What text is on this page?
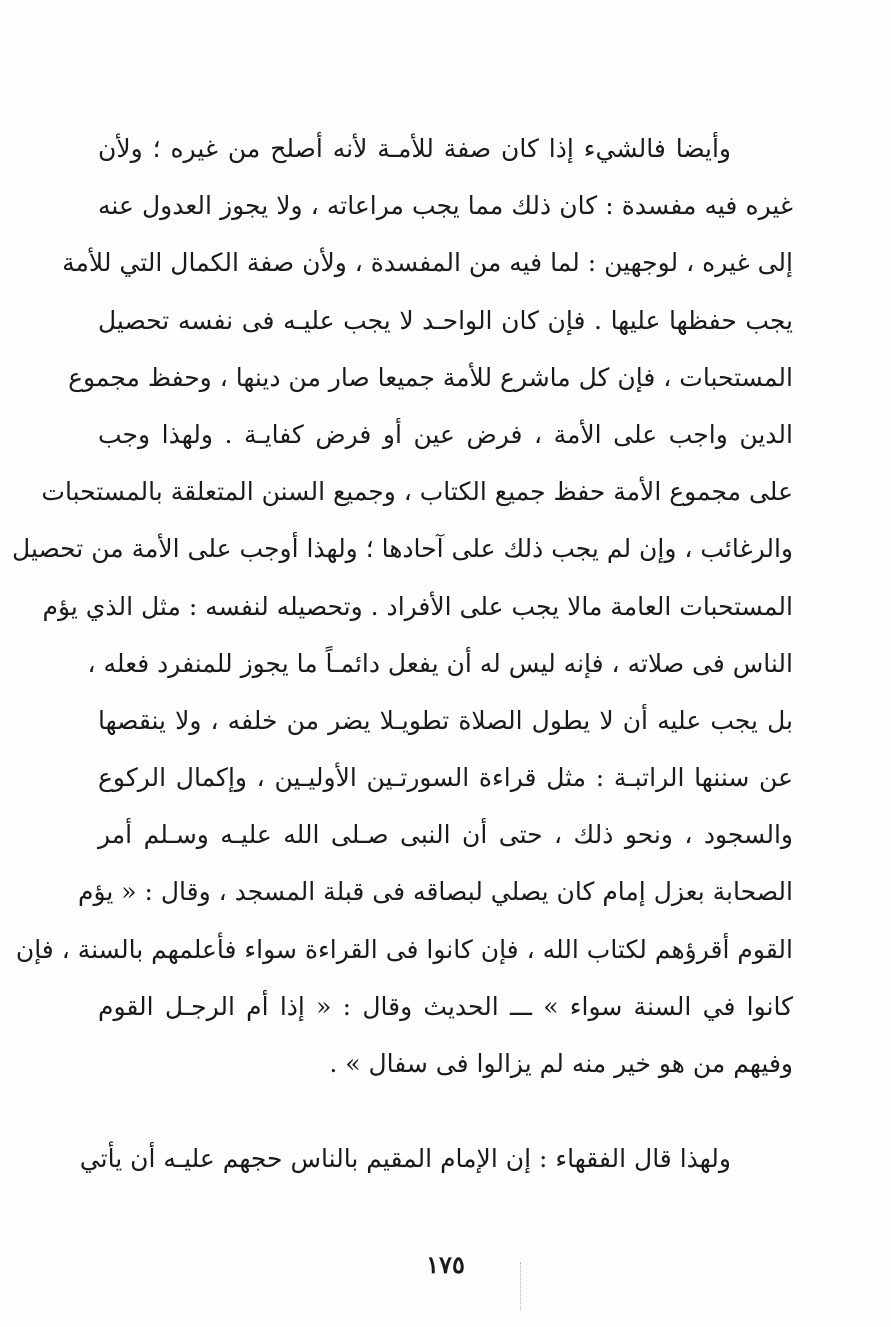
وأيضا فالشيء إذا كان صفة للأمـة لأنه أصلح من غيره ؛ ولأن
غيره فيه مفسدة : كان ذلك مما يجب مراعاته ، ولا يجوز العدول عنه
إلى غيره ، لوجهين : لما فيه من المفسدة ، ولأن صفة الكمال التي للأمة
يجب حفظها عليها . فإن كان الواحـد لا يجب عليـه فى نفسه تحصيل
المستحبات ، فإن كل ماشرع للأمة جميعا صار من دينها ، وحفظ مجموع
الدين واجب على الأمة ، فرض عين أو فرض كفايـة . ولهذا وجب
على مجموع الأمة حفظ جميع الكتاب ، وجميع السنن المتعلقة بالمستحبات
والرغائب ، وإن لم يجب ذلك على آحادها ؛ ولهذا أوجب على الأمة من تحصيل
المستحبات العامة مالا يجب على الأفراد . وتحصيله لنفسه : مثل الذي يؤم
الناس فى صلاته ، فإنه ليس له أن يفعل دائمـاً ما يجوز للمنفرد فعله ،
بل يجب عليه أن لا يطول الصلاة تطويـلا يضر من خلفه ، ولا ينقصها
عن سننها الراتبـة : مثل قراءة السورتـين الأوليـين ، وإكمال الركوع
والسجود ، ونحو ذلك ، حتى أن النبى صـلى الله عليـه وسـلم أمر
الصحابة بعزل إمام كان يصلي لبصاقه فى قبلة المسجد ، وقال : « يؤم
القوم أقرؤهم لكتاب الله ، فإن كانوا فى القراءة سواء فأعلمهم بالسنة ، فإن
كانوا في السنة سواء » ـــ الحديث وقال : « إذا أم الرجـل القوم
وفيهم من هو خير منه لم يزالوا فى سفال » .
ولهذا قال الفقهاء : إن الإمام المقيم بالناس حجهم عليـه أن يأتي
١٧٥
